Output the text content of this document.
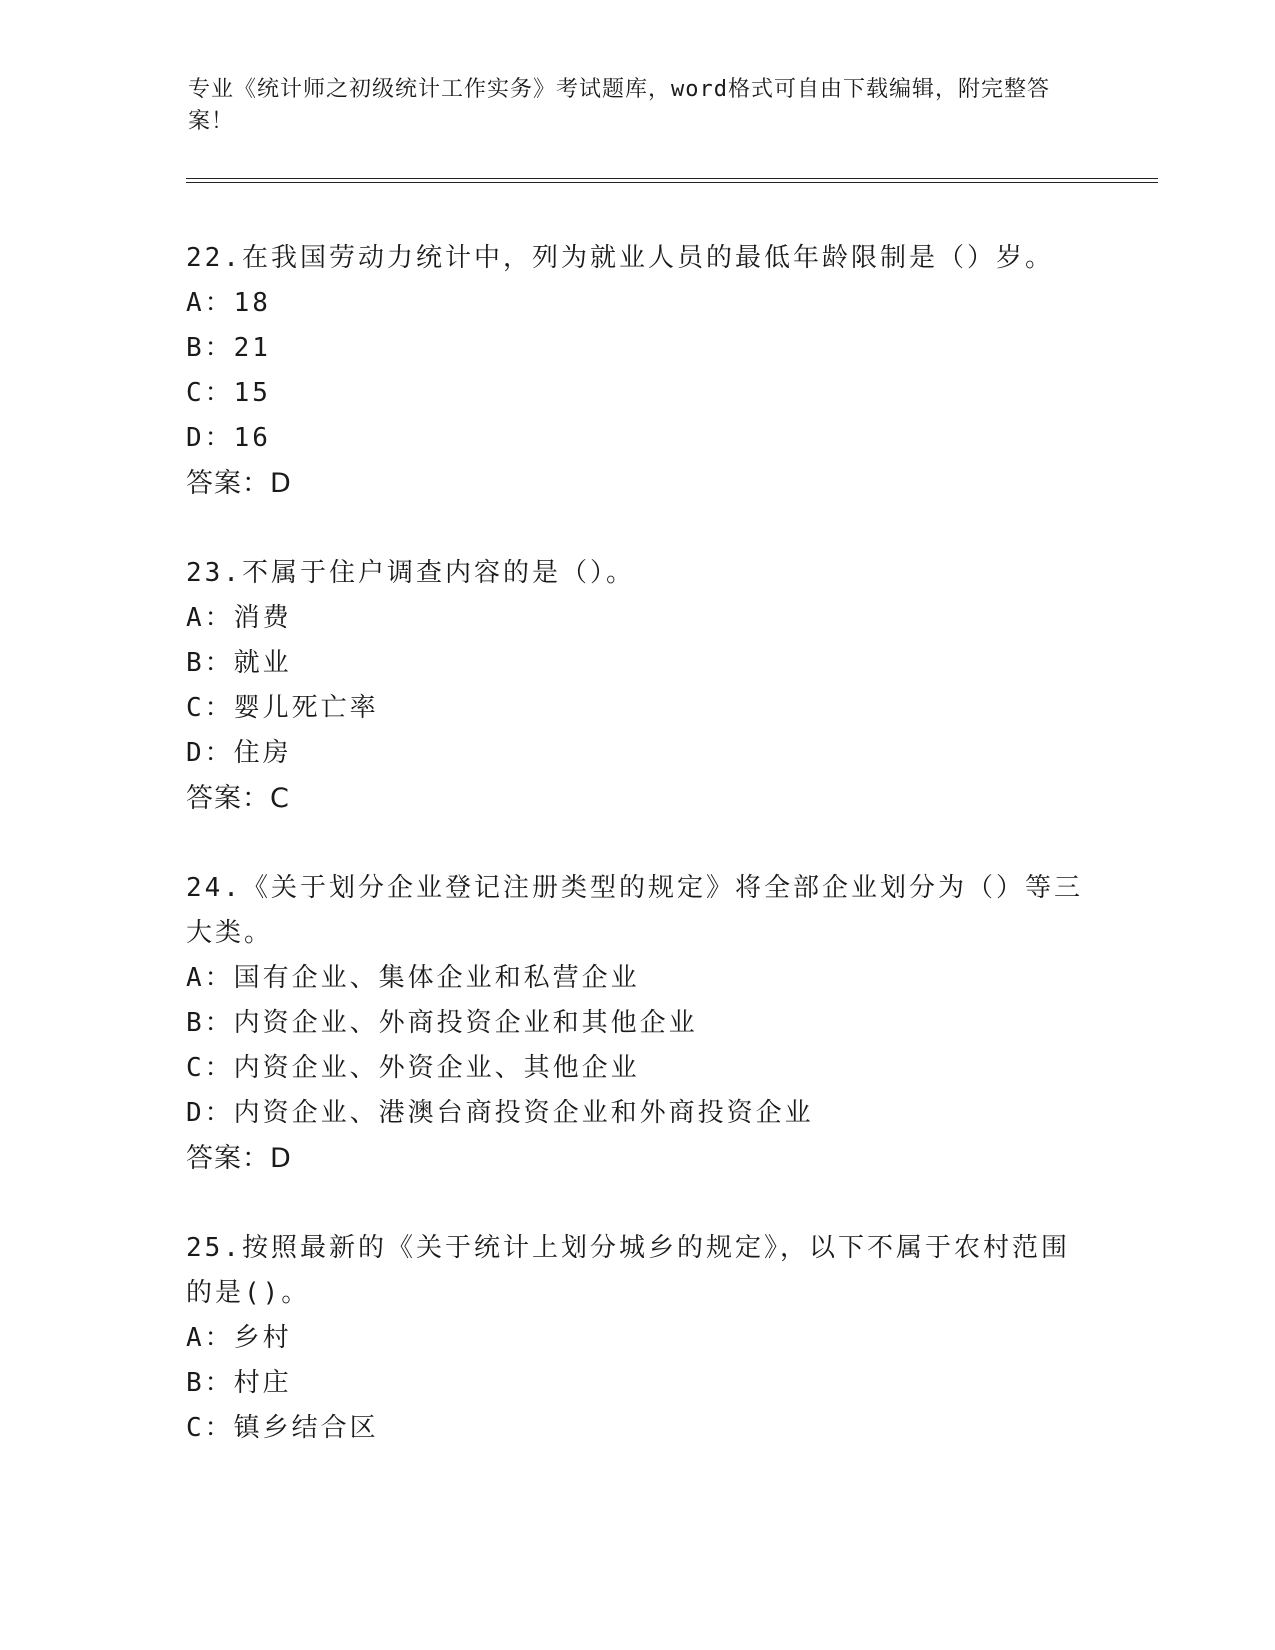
专业《统计师之初级统计工作实务》考试题库，word格式可自由下载编辑，附完整答案！
22.在我国劳动力统计中，列为就业人员的最低年龄限制是（）岁。
A：18
B：21
C：15
D：16
答案：D
23.不属于住户调查内容的是（）。
A：消费
B：就业
C：婴儿死亡率
D：住房
答案：C
24.《关于划分企业登记注册类型的规定》将全部企业划分为（）等三大类。
A：国有企业、集体企业和私营企业
B：内资企业、外商投资企业和其他企业
C：内资企业、外资企业、其他企业
D：内资企业、港澳台商投资企业和外商投资企业
答案：D
25.按照最新的《关于统计上划分城乡的规定》，以下不属于农村范围的是()。
A：乡村
B：村庄
C：镇乡结合区
